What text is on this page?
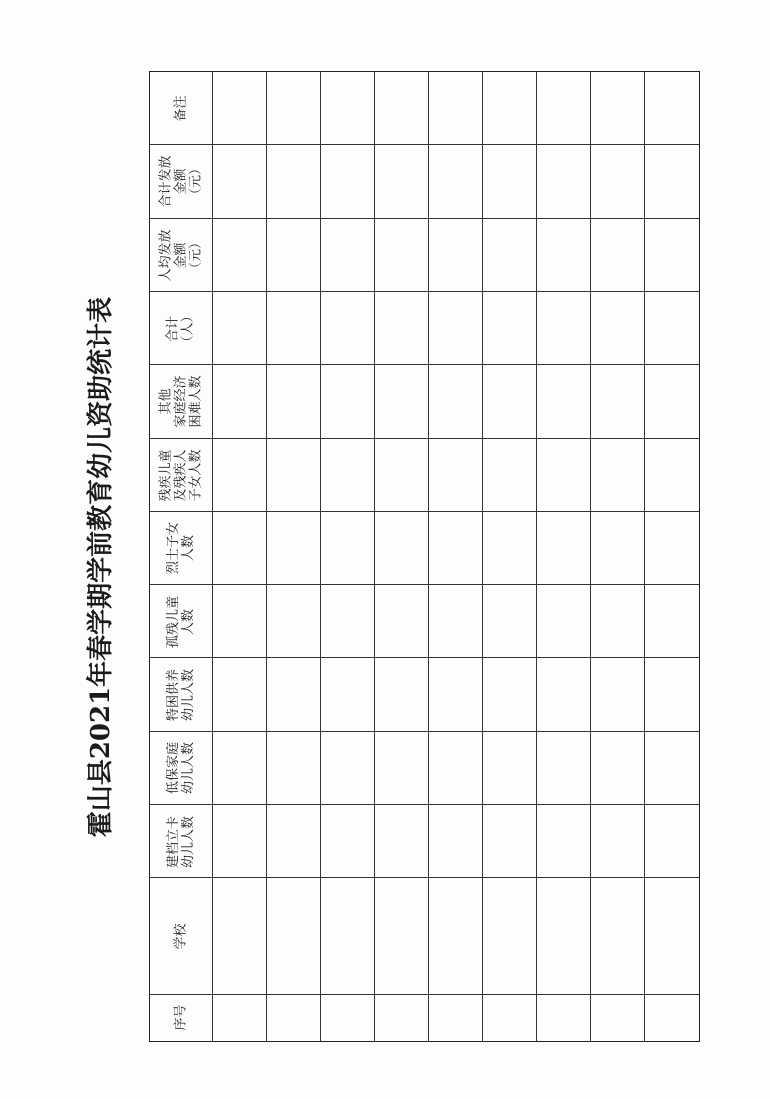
霍山县2021年春学期学前教育幼儿资助统计表
序号
学校
建档立卡
幼儿人数
低保家庭
幼儿人数
特困供养
幼儿人数
孤残儿童
人数
烈士子女
人数
残疾儿童
及残疾人
子女人数
其他
家庭经济
困难人数
合计
（人）
人均发放
金额
（元）
合计发放
金额
（元）
备注
